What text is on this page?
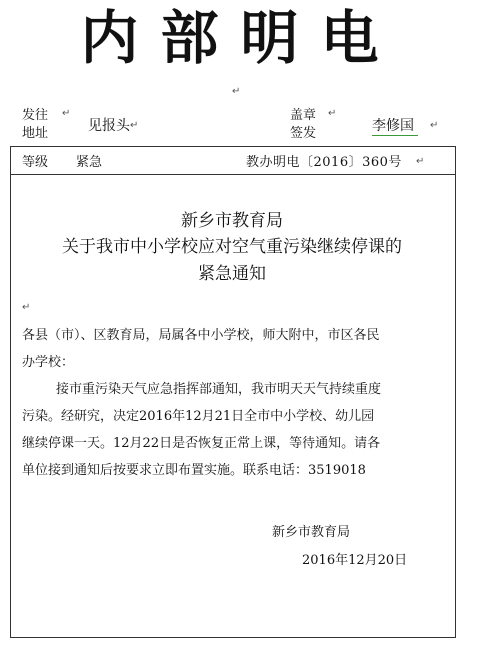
内部明电
发往
地址	见报头
盖章
签发	李修国
↵
↵
↵
↵
↵
等级 紧急	教办明电〔2016〕360号 ↵
新乡市教育局
关于我市中小学校应对空气重污染继续停课的
紧急通知
↵
各县（市）、区教育局，局属各中小学校，师大附中，市区各民
办学校：
接市重污染天气应急指挥部通知，我市明天天气持续重度
污染。经研究，决定2016年12月21日全市中小学校、幼儿园
继续停课一天。12月22日是否恢复正常上课，等待通知。请各
单位接到通知后按要求立即布置实施。联系电话：3519018
新乡市教育局
2016年12月20日
